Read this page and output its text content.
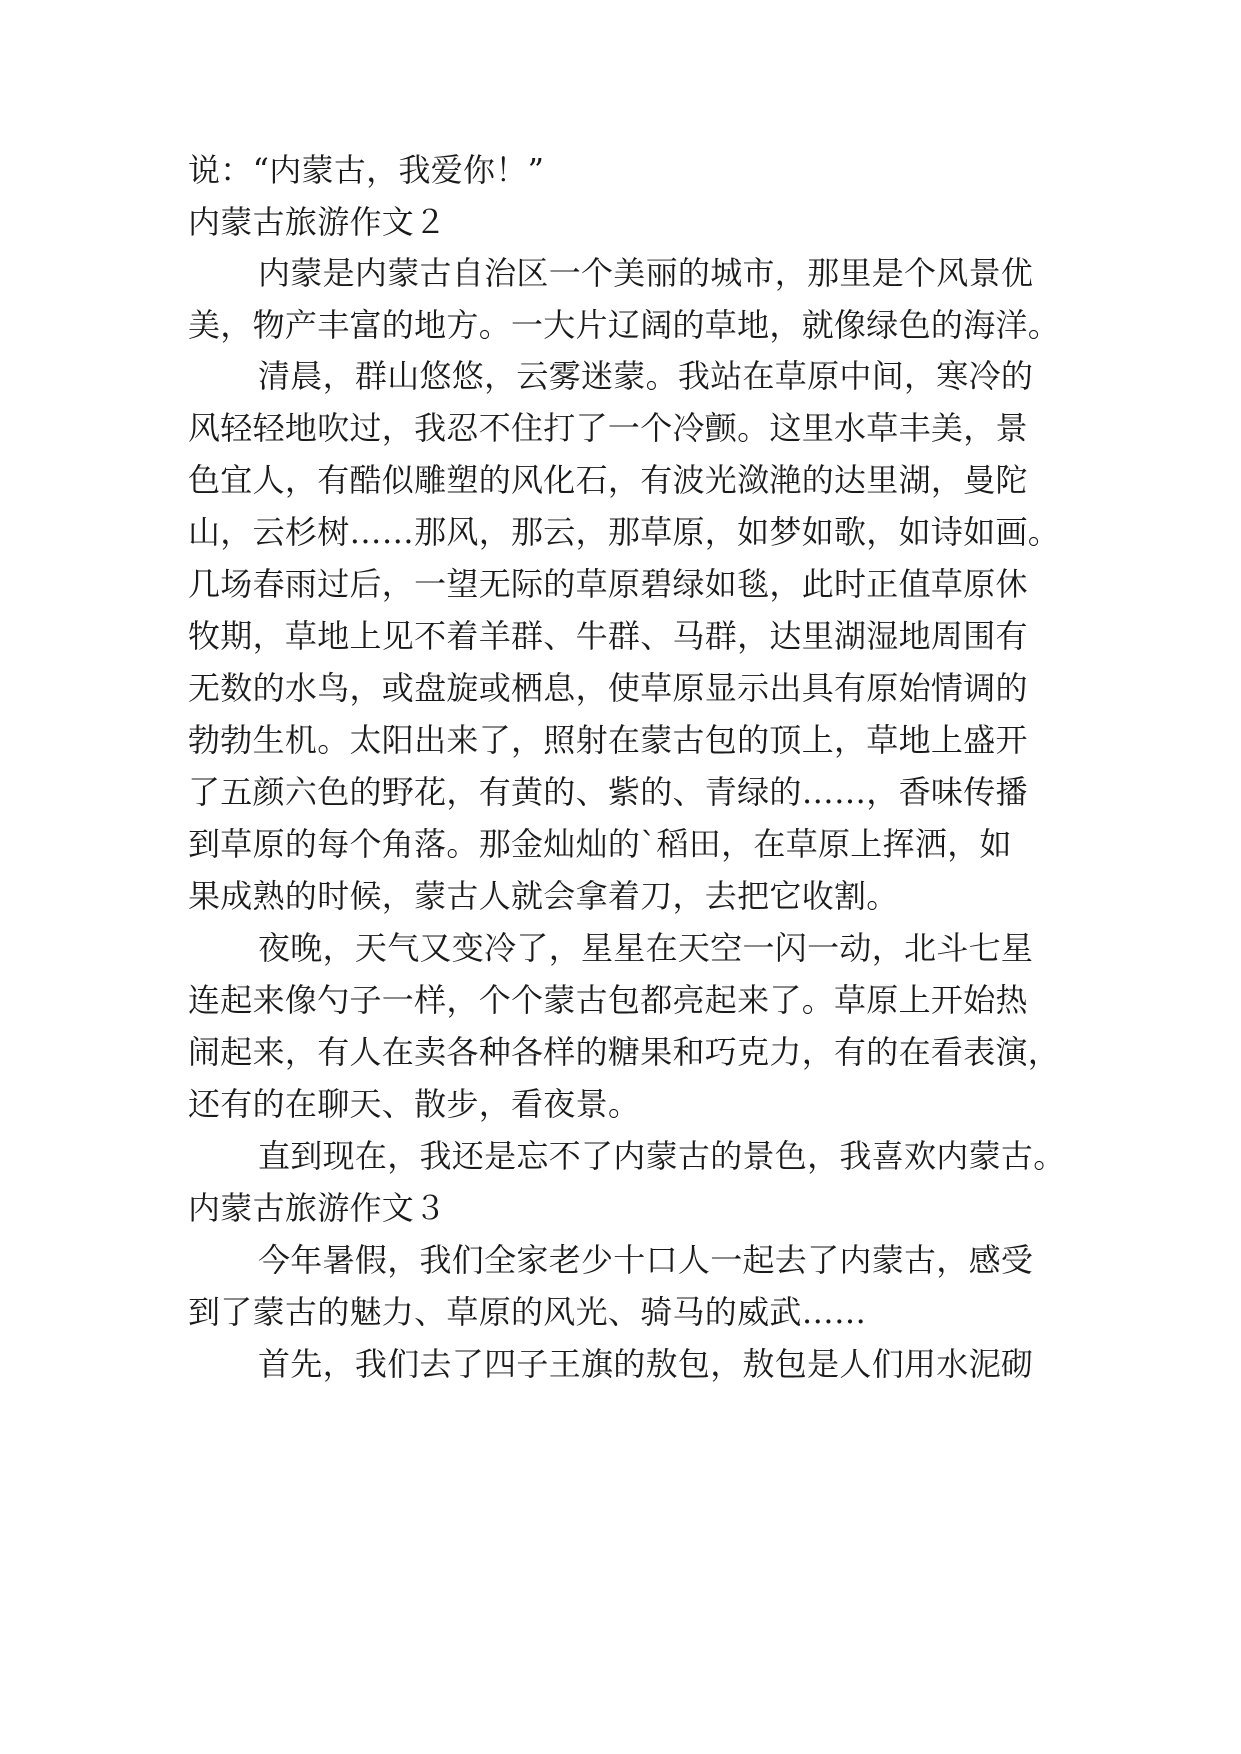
说：“内蒙古，我爱你！”
内蒙古旅游作文２
内蒙是内蒙古自治区一个美丽的城市，那里是个风景优
美，物产丰富的地方。一大片辽阔的草地，就像绿色的海洋。
清晨，群山悠悠，云雾迷蒙。我站在草原中间，寒冷的
风轻轻地吹过，我忍不住打了一个冷颤。这里水草丰美，景
色宜人，有酷似雕塑的风化石，有波光潋滟的达里湖，曼陀
山，云杉树……那风，那云，那草原，如梦如歌，如诗如画。
几场春雨过后，一望无际的草原碧绿如毯，此时正值草原休
牧期，草地上见不着羊群、牛群、马群，达里湖湿地周围有
无数的水鸟，或盘旋或栖息，使草原显示出具有原始情调的
勃勃生机。太阳出来了，照射在蒙古包的顶上，草地上盛开
了五颜六色的野花，有黄的、紫的、青绿的……，香味传播
到草原的每个角落。那金灿灿的`稻田，在草原上挥洒，如
果成熟的时候，蒙古人就会拿着刀，去把它收割。
夜晚，天气又变冷了，星星在天空一闪一动，北斗七星
连起来像勺子一样，个个蒙古包都亮起来了。草原上开始热
闹起来，有人在卖各种各样的糖果和巧克力，有的在看表演，
还有的在聊天、散步，看夜景。
直到现在，我还是忘不了内蒙古的景色，我喜欢内蒙古。
内蒙古旅游作文３
今年暑假，我们全家老少十口人一起去了内蒙古，感受
到了蒙古的魅力、草原的风光、骑马的威武……
首先，我们去了四子王旗的敖包，敖包是人们用水泥砌
